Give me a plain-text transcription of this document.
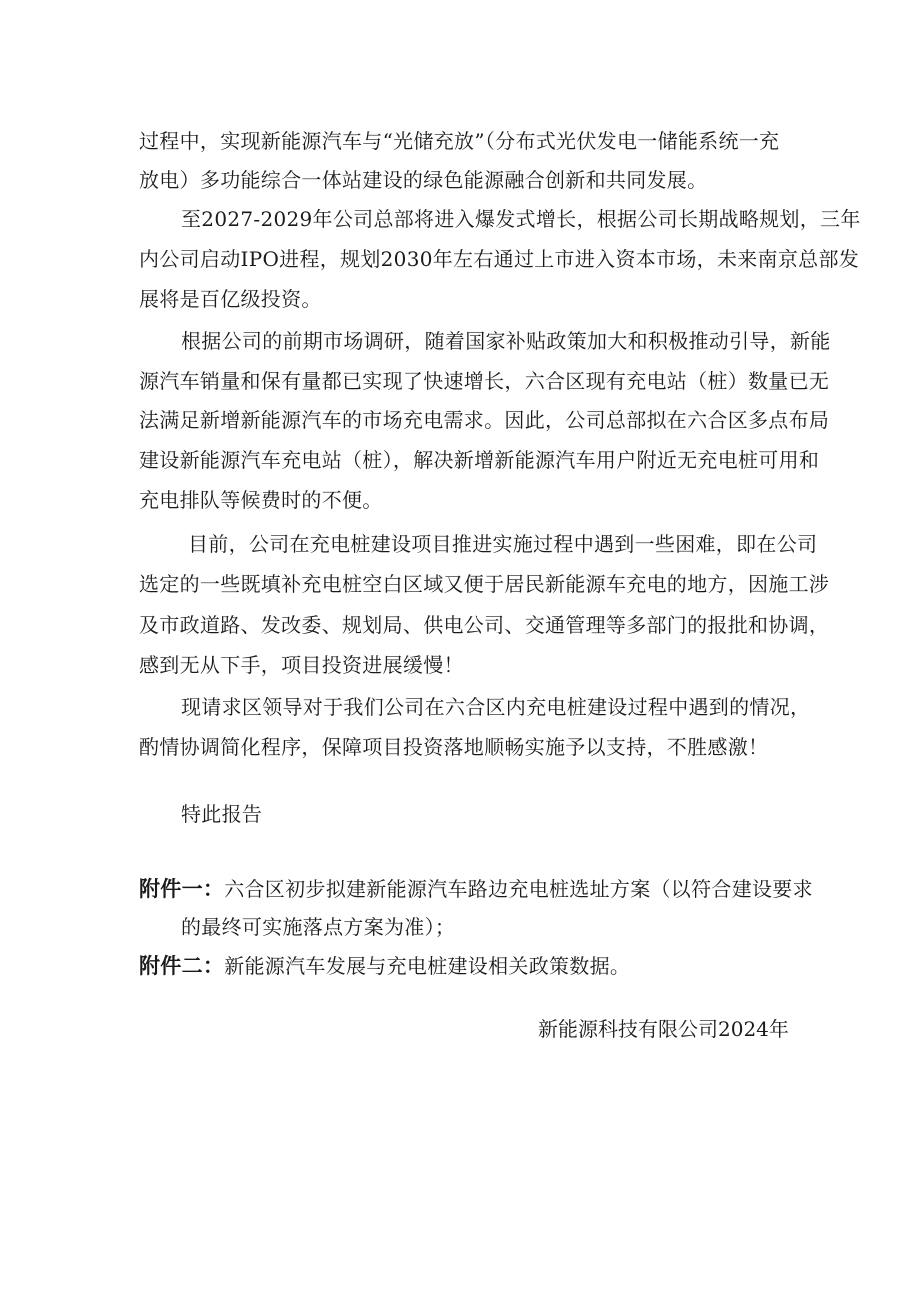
过程中，实现新能源汽车与“光储充放”（分布式光伏发电一储能系统一充
放电）多功能综合一体站建设的绿色能源融合创新和共同发展。
至2027-2029年公司总部将进入爆发式增长，根据公司长期战略规划，三年
内公司启动IPO进程，规划2030年左右通过上市进入资本市场，未来南京总部发
展将是百亿级投资。
根据公司的前期市场调研，随着国家补贴政策加大和积极推动引导，新能
源汽车销量和保有量都已实现了快速增长，六合区现有充电站（桩）数量已无
法满足新增新能源汽车的市场充电需求。因此，公司总部拟在六合区多点布局
建设新能源汽车充电站（桩），解决新增新能源汽车用户附近无充电桩可用和
充电排队等候费时的不便。
目前，公司在充电桩建设项目推进实施过程中遇到一些困难，即在公司
选定的一些既填补充电桩空白区域又便于居民新能源车充电的地方，因施工涉
及市政道路、发改委、规划局、供电公司、交通管理等多部门的报批和协调，
感到无从下手，项目投资进展缓慢！
现请求区领导对于我们公司在六合区内充电桩建设过程中遇到的情况，
酌情协调简化程序，保障项目投资落地顺畅实施予以支持，不胜感激！
特此报告
附件一：六合区初步拟建新能源汽车路边充电桩选址方案（以符合建设要求
的最终可实施落点方案为准）；
附件二：新能源汽车发展与充电桩建设相关政策数据。
新能源科技有限公司2024年
